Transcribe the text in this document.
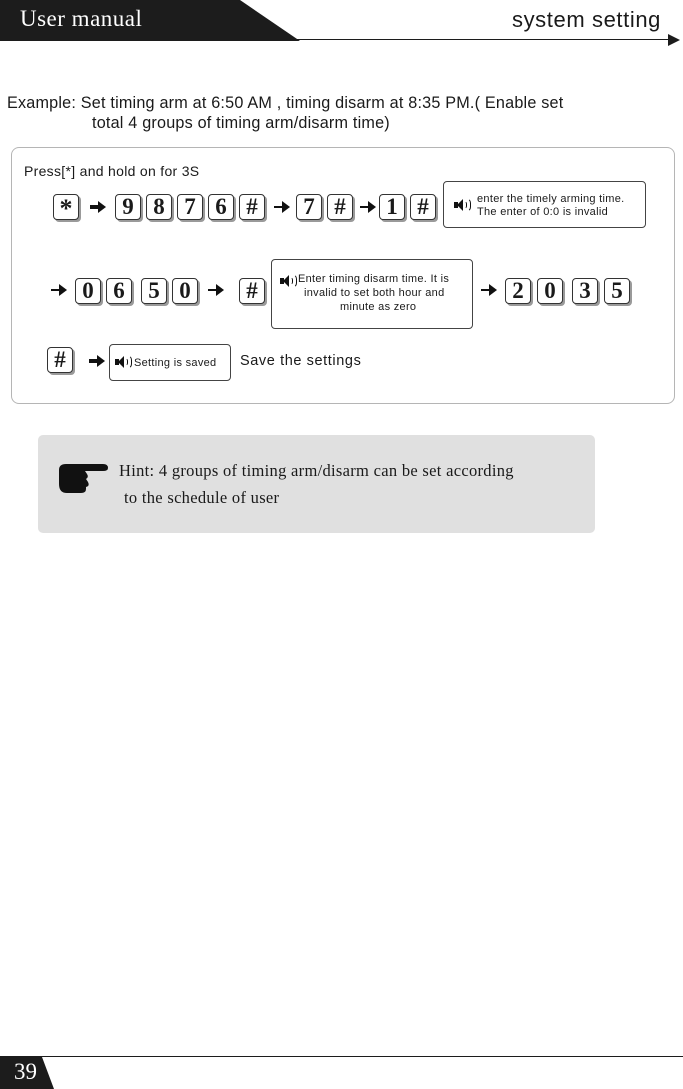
User manual	system setting
Example: Set timing arm at 6:50 AM , timing disarm at 8:35 PM.( Enable set
total 4 groups of timing arm/disarm time)
Press[*] and hold on for 3S
*	9 8 7 6 #	7 #	1 #	enter the timely arming time.
The enter of 0:0 is invalid
0 6	5 0	#	Enter timing disarm time. It is
invalid to set both hour and
minute as zero
2 0	3 5
#	Setting is saved Save the settings
Hint: 4 groups of timing arm/disarm can be set according
to the schedule of user
39
